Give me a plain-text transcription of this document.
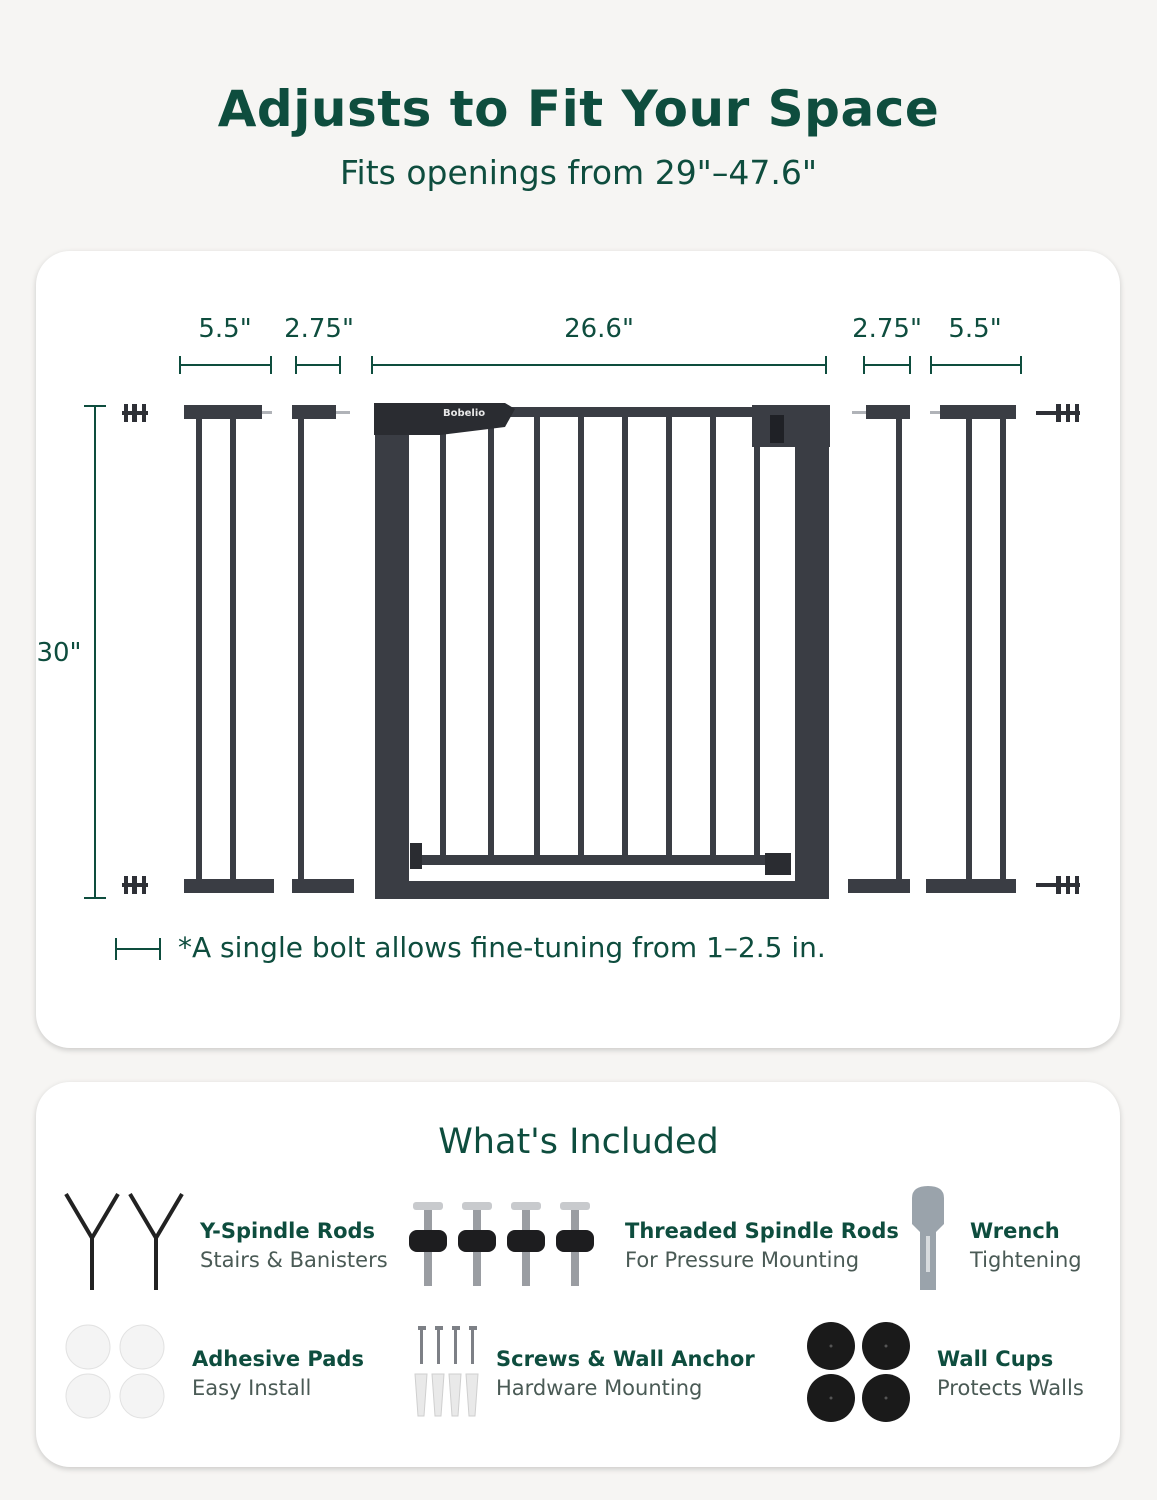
Adjusts to Fit Your Space
Fits openings from 29"–47.6"
5.5" 2.75"	26.6"	2.75" 5.5"
30"
Bobelio
*A single bolt allows fine-tuning from 1–2.5 in.
What's Included
Y-Spindle Rods
Stairs & Banisters
Threaded Spindle Rods
For Pressure Mounting
Wrench
Tightening
Adhesive Pads
Easy Install
Screws & Wall Anchor
Hardware Mounting
Wall Cups
Protects Walls
